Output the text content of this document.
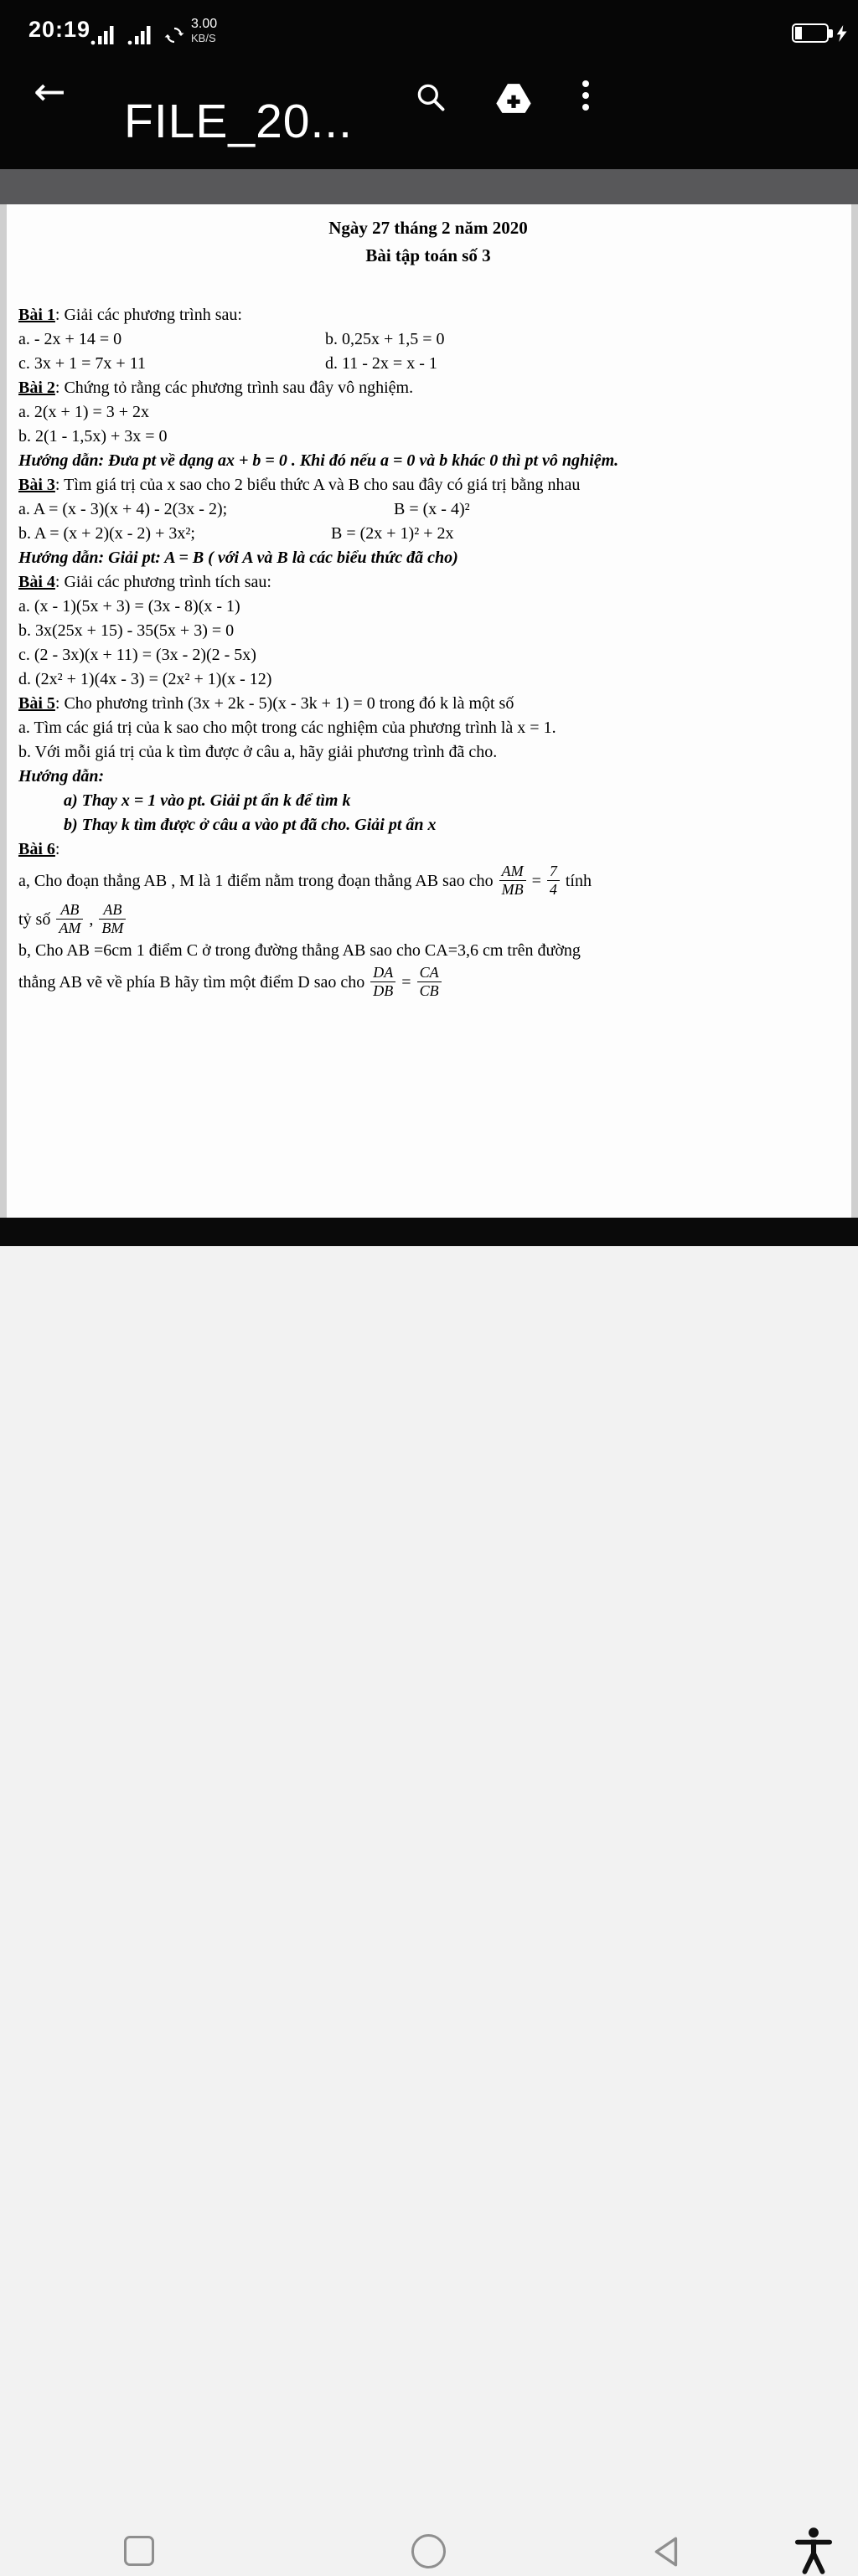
20:19	3.00
KB/S
←
FILE_20...

Ngày 27 tháng 2 năm 2020

Bài tập toán số 3

Bài 1: Giải các phương trình sau:

a. - 2x + 14 = 0	b. 0,25x + 1,5 = 0

c. 3x + 1 = 7x + 11	d. 11 - 2x = x - 1

Bài 2: Chứng tỏ rằng các phương trình sau đây vô nghiệm.

a. 2(x + 1) = 3 + 2x

b. 2(1 - 1,5x) + 3x = 0

Hướng dẫn: Đưa pt về dạng ax + b = 0 . Khi đó nếu a = 0 và b khác 0 thì pt vô nghiệm.

Bài 3: Tìm giá trị của x sao cho 2 biểu thức A và B cho sau đây có giá trị bằng nhau

a. A = (x - 3)(x + 4) - 2(3x - 2);	B = (x - 4)²

b. A = (x + 2)(x - 2) + 3x²;	B = (2x + 1)² + 2x

Hướng dẫn: Giải pt: A = B ( với A và B là các biểu thức đã cho)

Bài 4: Giải các phương trình tích sau:

a. (x - 1)(5x + 3) = (3x - 8)(x - 1)

b. 3x(25x + 15) - 35(5x + 3) = 0

c. (2 - 3x)(x + 11) = (3x - 2)(2 - 5x)

d. (2x² + 1)(4x - 3) = (2x² + 1)(x - 12)

Bài 5: Cho phương trình (3x + 2k - 5)(x - 3k + 1) = 0 trong đó k là một số

a. Tìm các giá trị của k sao cho một trong các nghiệm của phương trình là x = 1.

b. Với mỗi giá trị của k tìm được ở câu a, hãy giải phương trình đã cho.

Hướng dẫn:

a) Thay x = 1 vào pt. Giải pt ẩn k để tìm k

b) Thay k tìm được ở câu a vào pt đã cho. Giải pt ẩn x

Bài 6:

a, Cho đoạn thẳng AB , M là 1 điểm nằm trong đoạn thẳng AB sao cho $\frac{AM}{MB} = \frac{7}{4}$ tính

tỷ số $\frac{AB}{AM}$ , $\frac{AB}{BM}$

b, Cho AB =6cm 1 điểm C ở trong đường thẳng AB sao cho CA=3,6 cm trên đường

thẳng AB vẽ về phía B hãy tìm một điểm D sao cho $\frac{DA}{DB} = \frac{CA}{CB}$
